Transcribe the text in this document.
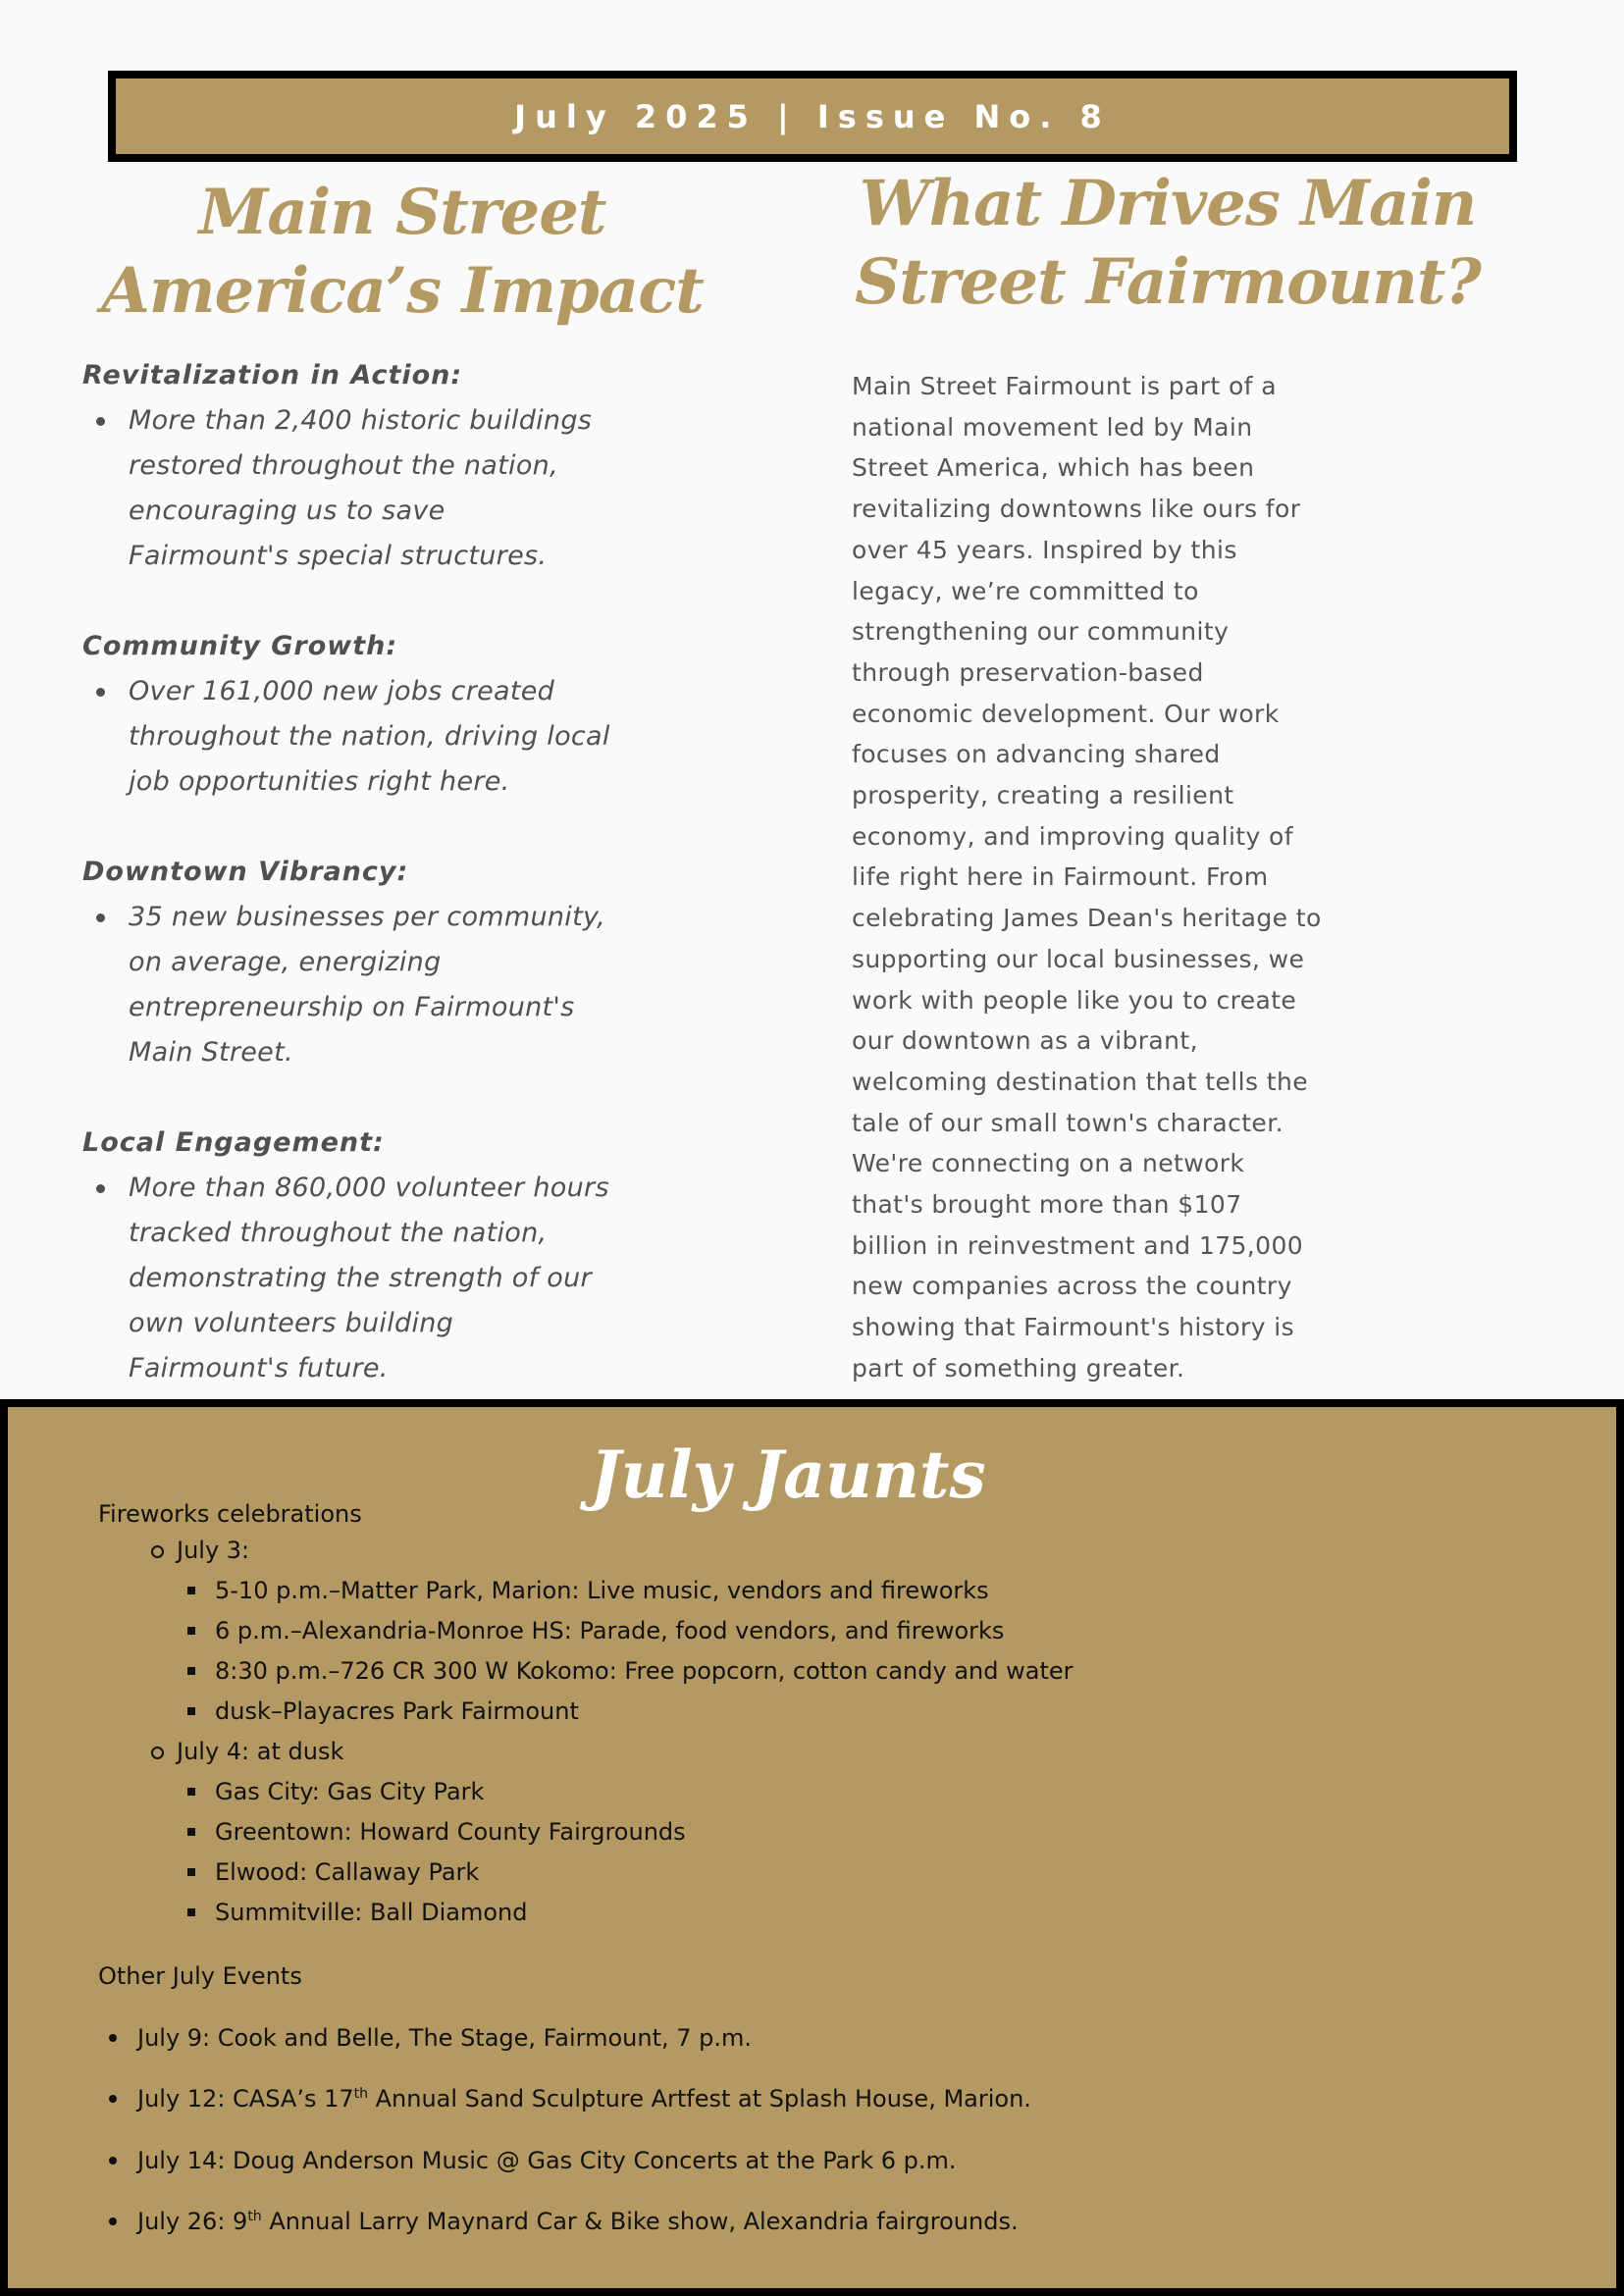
July 2025 | Issue No. 8
Main Street America’s Impact
What Drives Main Street Fairmount?
Revitalization in Action:
More than 2,400 historic buildings restored throughout the nation, encouraging us to save Fairmount's special structures.
Community Growth:
Over 161,000 new jobs created throughout the nation, driving local job opportunities right here.
Downtown Vibrancy:
35 new businesses per community, on average, energizing entrepreneurship on Fairmount's Main Street.
Local Engagement:
More than 860,000 volunteer hours tracked throughout the nation, demonstrating the strength of our own volunteers building Fairmount's future.

Main Street Fairmount is part of a national movement led by Main Street America, which has been revitalizing downtowns like ours for over 45 years. Inspired by this legacy, we’re committed to strengthening our community through preservation-based economic development. Our work focuses on advancing shared prosperity, creating a resilient economy, and improving quality of life right here in Fairmount. From celebrating James Dean's heritage to supporting our local businesses, we work with people like you to create our downtown as a vibrant, welcoming destination that tells the tale of our small town's character. We're connecting on a network that's brought more than $107 billion in reinvestment and 175,000 new companies across the country showing that Fairmount's history is part of something greater.

July Jaunts
Fireworks celebrations
July 3:
5-10 p.m.–Matter Park, Marion: Live music, vendors and fireworks
6 p.m.–Alexandria-Monroe HS: Parade, food vendors, and fireworks
8:30 p.m.–726 CR 300 W Kokomo: Free popcorn, cotton candy and water
dusk–Playacres Park Fairmount
July 4: at dusk
Gas City: Gas City Park
Greentown: Howard County Fairgrounds
Elwood: Callaway Park
Summitville: Ball Diamond
Other July Events
July 9: Cook and Belle, The Stage, Fairmount, 7 p.m.
July 12: CASA’s 17th Annual Sand Sculpture Artfest at Splash House, Marion.
July 14: Doug Anderson Music @ Gas City Concerts at the Park 6 p.m.
July 26: 9th Annual Larry Maynard Car & Bike show, Alexandria fairgrounds.
